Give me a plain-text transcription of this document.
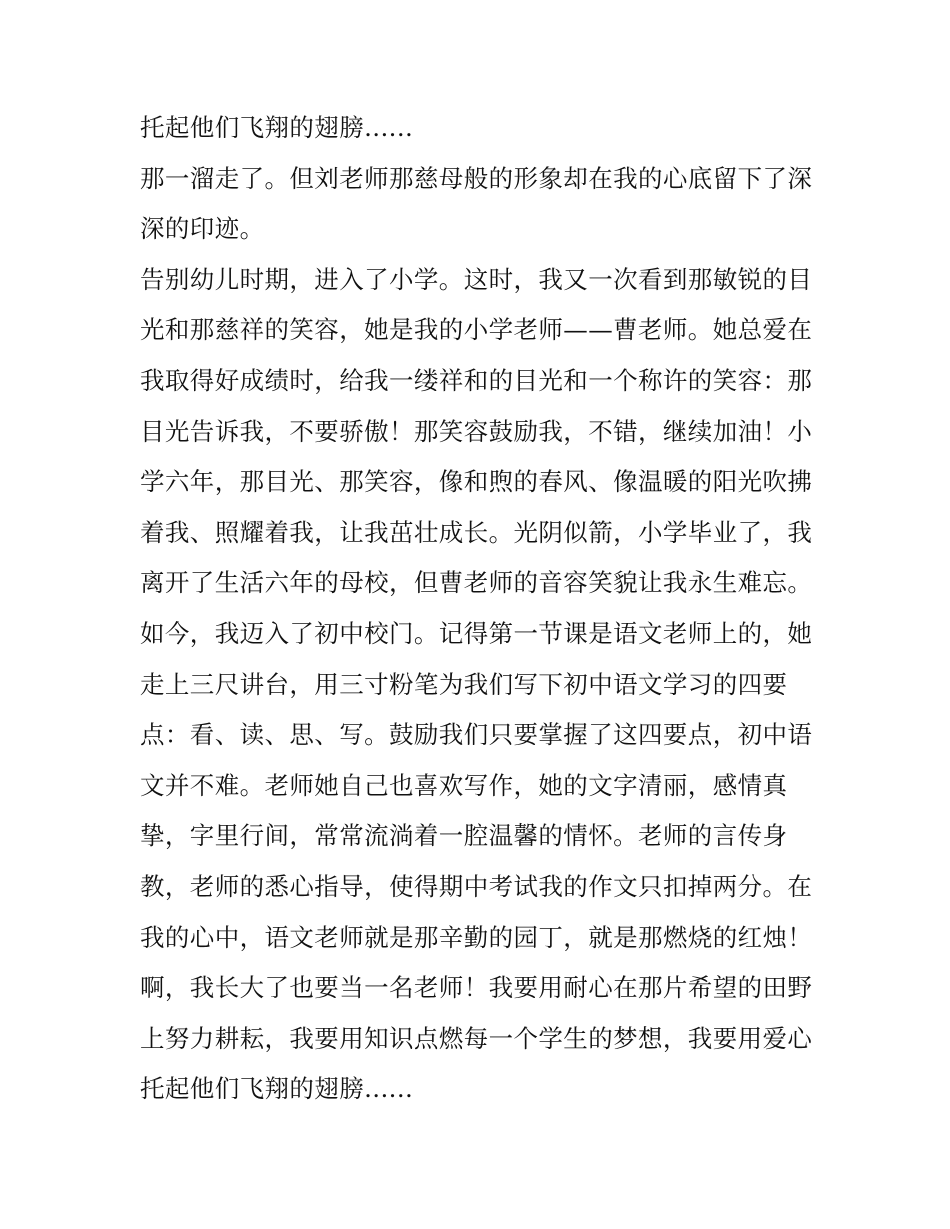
托起他们飞翔的翅膀......
那一溜走了。但刘老师那慈母般的形象却在我的心底留下了深
深的印迹。
告别幼儿时期，进入了小学。这时，我又一次看到那敏锐的目
光和那慈祥的笑容，她是我的小学老师——曹老师。她总爱在
我取得好成绩时，给我一缕祥和的目光和一个称许的笑容：那
目光告诉我，不要骄傲！那笑容鼓励我，不错，继续加油！小
学六年，那目光、那笑容，像和煦的春风、像温暖的阳光吹拂
着我、照耀着我，让我茁壮成长。光阴似箭，小学毕业了，我
离开了生活六年的母校，但曹老师的音容笑貌让我永生难忘。
如今，我迈入了初中校门。记得第一节课是语文老师上的，她
走上三尺讲台，用三寸粉笔为我们写下初中语文学习的四要
点：看、读、思、写。鼓励我们只要掌握了这四要点，初中语
文并不难。老师她自己也喜欢写作，她的文字清丽，感情真
挚，字里行间，常常流淌着一腔温馨的情怀。老师的言传身
教，老师的悉心指导，使得期中考试我的作文只扣掉两分。在
我的心中，语文老师就是那辛勤的园丁，就是那燃烧的红烛！
啊，我长大了也要当一名老师！我要用耐心在那片希望的田野
上努力耕耘，我要用知识点燃每一个学生的梦想，我要用爱心
托起他们飞翔的翅膀......
